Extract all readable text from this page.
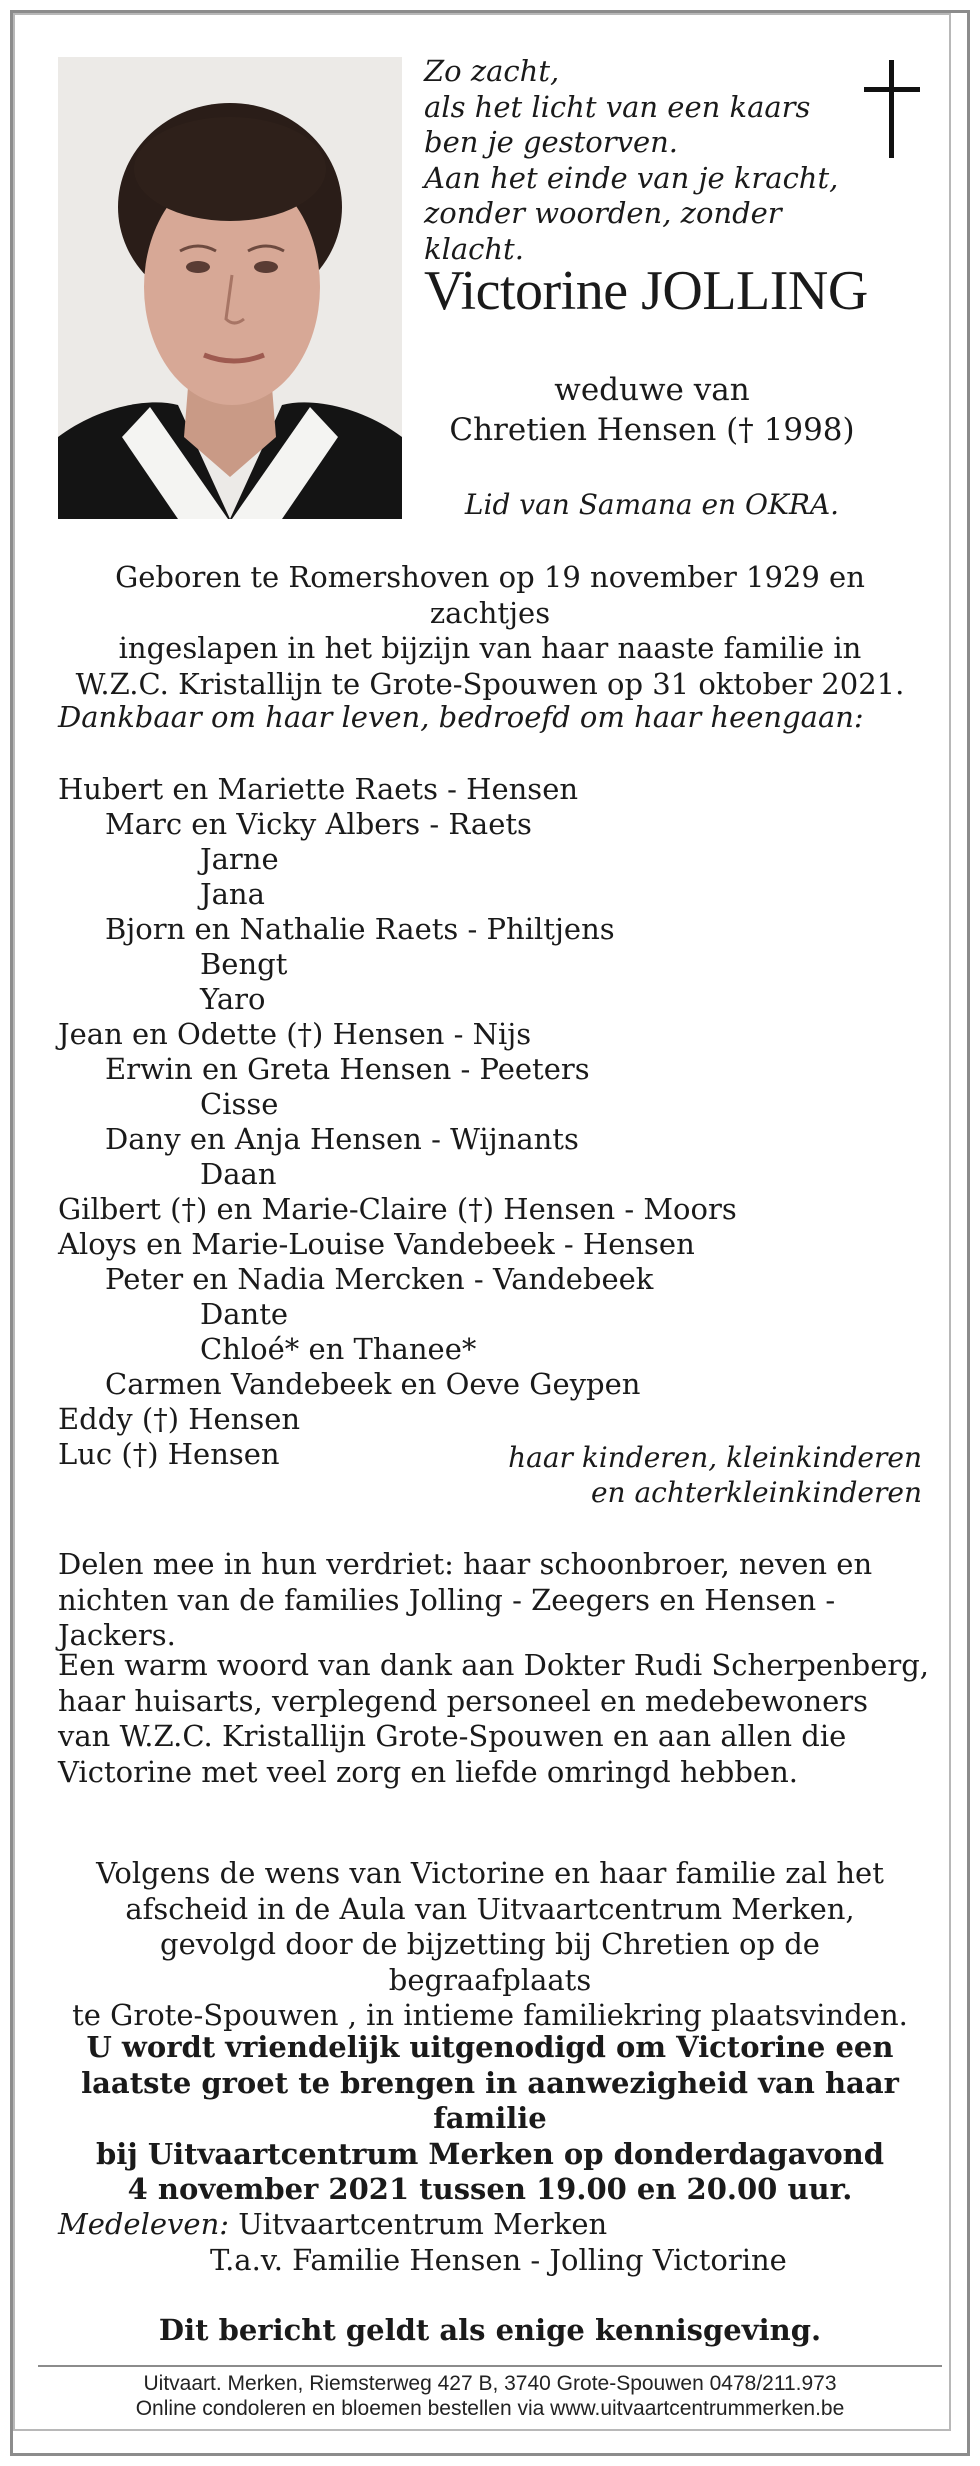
Zo zacht,
als het licht van een kaars
ben je gestorven.
Aan het einde van je kracht,
zonder woorden, zonder klacht.
Victorine JOLLING
weduwe van
Chretien Hensen († 1998)
Lid van Samana en OKRA.
Geboren te Romershoven op 19 november 1929 en zachtjes
ingeslapen in het bijzijn van haar naaste familie in
W.Z.C. Kristallijn te Grote-Spouwen op 31 oktober 2021.
Dankbaar om haar leven, bedroefd om haar heengaan:
Hubert en Mariette Raets - Hensen
Marc en Vicky Albers - Raets
Jarne
Jana
Bjorn en Nathalie Raets - Philtjens
Bengt
Yaro
Jean en Odette (†) Hensen - Nijs
Erwin en Greta Hensen - Peeters
Cisse
Dany en Anja Hensen - Wijnants
Daan
Gilbert (†) en Marie-Claire (†) Hensen - Moors
Aloys en Marie-Louise Vandebeek - Hensen
Peter en Nadia Mercken - Vandebeek
Dante
Chloé* en Thanee*
Carmen Vandebeek en Oeve Geypen
Eddy (†) Hensen
Luc (†) Hensen	haar kinderen, kleinkinderen
en achterkleinkinderen
Delen mee in hun verdriet: haar schoonbroer, neven en
nichten van de families Jolling - Zeegers en Hensen - Jackers.
Een warm woord van dank aan Dokter Rudi Scherpenberg,
haar huisarts, verplegend personeel en medebewoners
van W.Z.C. Kristallijn Grote-Spouwen en aan allen die
Victorine met veel zorg en liefde omringd hebben.
Volgens de wens van Victorine en haar familie zal het
afscheid in de Aula van Uitvaartcentrum Merken,
gevolgd door de bijzetting bij Chretien op de begraafplaats
te Grote-Spouwen , in intieme familiekring plaatsvinden.
U wordt vriendelijk uitgenodigd om Victorine een
laatste groet te brengen in aanwezigheid van haar familie
bij Uitvaartcentrum Merken op donderdagavond
4 november 2021 tussen 19.00 en 20.00 uur.
Medeleven: Uitvaartcentrum Merken
T.a.v. Familie Hensen - Jolling Victorine
Dit bericht geldt als enige kennisgeving.
Uitvaart. Merken, Riemsterweg 427 B, 3740 Grote-Spouwen 0478/211.973
Online condoleren en bloemen bestellen via www.uitvaartcentrummerken.be
